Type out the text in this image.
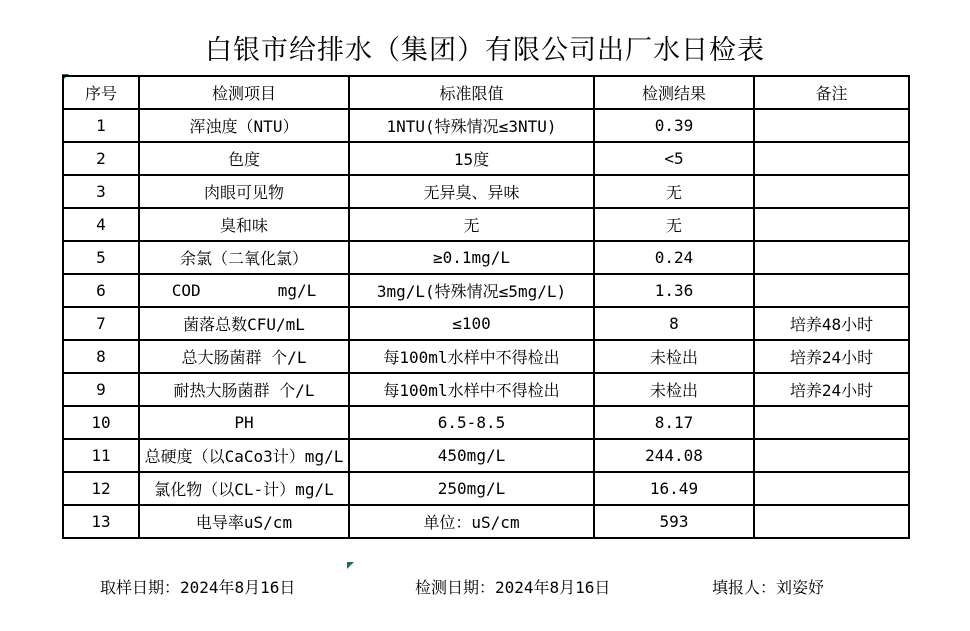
白银市给排水（集团）有限公司出厂水日检表
序号	检测项目	标准限值	检测结果	备注
1	浑浊度（NTU）	1NTU(特殊情况≤3NTU)	0.39	
2	色度	15度	<5	
3	肉眼可见物	无异臭、异味	无	
4	臭和味	无	无	
5	余氯（二氧化氯）	≥0.1mg/L	0.24	
6	COD        mg/L	3mg/L(特殊情况≤5mg/L)	1.36	
7	菌落总数CFU/mL	≤100	8	培养48小时
8	总大肠菌群 个/L	每100ml水样中不得检出	未检出	培养24小时
9	耐热大肠菌群 个/L	每100ml水样中不得检出	未检出	培养24小时
10	PH	6.5-8.5	8.17	
11	总硬度（以CaCo3计）mg/L	450mg/L	244.08	
12	氯化物（以CL-计）mg/L	250mg/L	16.49	
13	电导率uS/cm	单位：uS/cm	593	
取样日期：2024年8月16日	检测日期：2024年8月16日	填报人：刘姿妤
